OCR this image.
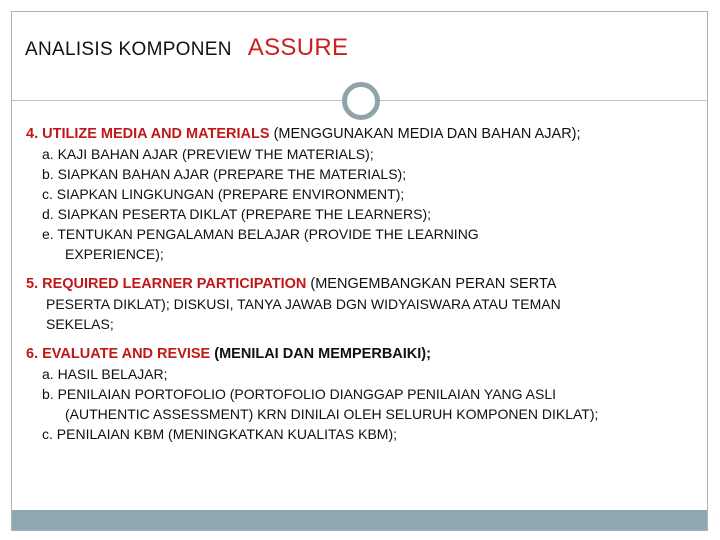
ANALISIS KOMPONEN ASSURE
4. UTILIZE MEDIA AND MATERIALS (MENGGUNAKAN MEDIA DAN BAHAN AJAR);
a. KAJI BAHAN AJAR (PREVIEW THE MATERIALS);
b. SIAPKAN BAHAN AJAR (PREPARE THE MATERIALS);
c. SIAPKAN LINGKUNGAN (PREPARE ENVIRONMENT);
d. SIAPKAN PESERTA DIKLAT (PREPARE THE LEARNERS);
e. TENTUKAN PENGALAMAN BELAJAR (PROVIDE THE LEARNING
EXPERIENCE);
5. REQUIRED LEARNER PARTICIPATION (MENGEMBANGKAN PERAN SERTA
PESERTA DIKLAT); DISKUSI, TANYA JAWAB DGN WIDYAISWARA ATAU TEMAN
SEKELAS;
6. EVALUATE AND REVISE (MENILAI DAN MEMPERBAIKI);
a. HASIL BELAJAR;
b. PENILAIAN PORTOFOLIO (PORTOFOLIO DIANGGAP PENILAIAN YANG ASLI
(AUTHENTIC ASSESSMENT) KRN DINILAI OLEH SELURUH KOMPONEN DIKLAT);
c. PENILAIAN KBM (MENINGKATKAN KUALITAS KBM);
